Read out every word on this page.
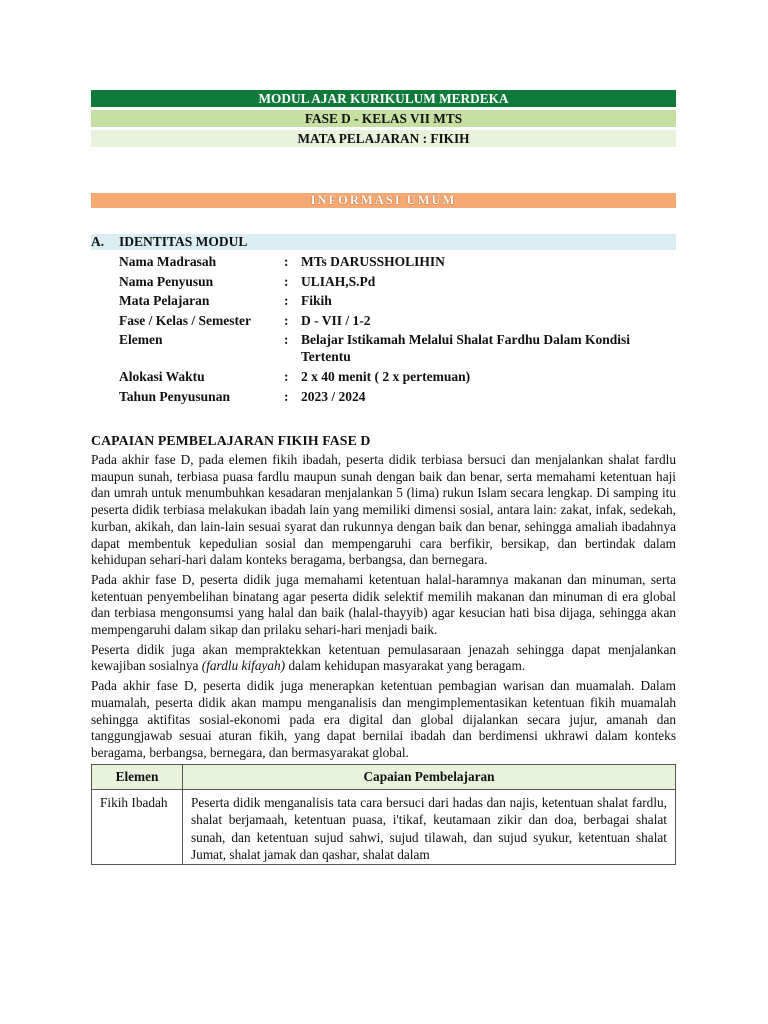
MODUL AJAR KURIKULUM MERDEKA
FASE D - KELAS VII MTS
MATA PELAJARAN : FIKIH
INFORMASI UMUM
A.	IDENTITAS MODUL
Nama Madrasah	: MTs DARUSSHOLIHIN
Nama Penyusun	: ULIAH,S.Pd
Mata Pelajaran	: Fikih
Fase / Kelas / Semester	: D - VII / 1-2
Elemen	: Belajar Istikamah Melalui Shalat Fardhu Dalam Kondisi Tertentu
Alokasi Waktu	: 2 x 40 menit ( 2 x pertemuan)
Tahun Penyusunan	: 2023 / 2024
CAPAIAN PEMBELAJARAN FIKIH FASE D

Pada akhir fase D, pada elemen fikih ibadah, peserta didik terbiasa bersuci dan menjalankan shalat fardlu maupun sunah, terbiasa puasa fardlu maupun sunah dengan baik dan benar, serta memahami ketentuan haji dan umrah untuk menumbuhkan kesadaran menjalankan 5 (lima) rukun Islam secara lengkap. Di samping itu peserta didik terbiasa melakukan ibadah lain yang memiliki dimensi sosial, antara lain: zakat, infak, sedekah, kurban, akikah, dan lain-lain sesuai syarat dan rukunnya dengan baik dan benar, sehingga amaliah ibadahnya dapat membentuk kepedulian sosial dan mempengaruhi cara berfikir, bersikap, dan bertindak dalam kehidupan sehari-hari dalam konteks beragama, berbangsa, dan bernegara.

Pada akhir fase D, peserta didik juga memahami ketentuan halal-haramnya makanan dan minuman, serta ketentuan penyembelihan binatang agar peserta didik selektif memilih makanan dan minuman di era global dan terbiasa mengonsumsi yang halal dan baik (halal-thayyib) agar kesucian hati bisa dijaga, sehingga akan mempengaruhi dalam sikap dan prilaku sehari-hari menjadi baik.

Peserta didik juga akan mempraktekkan ketentuan pemulasaraan jenazah sehingga dapat menjalankan kewajiban sosialnya (fardlu kifayah) dalam kehidupan masyarakat yang beragam.

Pada akhir fase D, peserta didik juga menerapkan ketentuan pembagian warisan dan muamalah. Dalam muamalah, peserta didik akan mampu menganalisis dan mengimplementasikan ketentuan fikih muamalah sehingga aktifitas sosial-ekonomi pada era digital dan global dijalankan secara jujur, amanah dan tanggungjawab sesuai aturan fikih, yang dapat bernilai ibadah dan berdimensi ukhrawi dalam konteks beragama, berbangsa, bernegara, dan bermasyarakat global.

Elemen	Capaian Pembelajaran
Fikih Ibadah	Peserta didik menganalisis tata cara bersuci dari hadas dan najis, ketentuan shalat fardlu, shalat berjamaah, ketentuan puasa, i'tikaf, keutamaan zikir dan doa, berbagai shalat sunah, dan ketentuan sujud sahwi, sujud tilawah, dan sujud syukur, ketentuan shalat Jumat, shalat jamak dan qashar, shalat dalam
